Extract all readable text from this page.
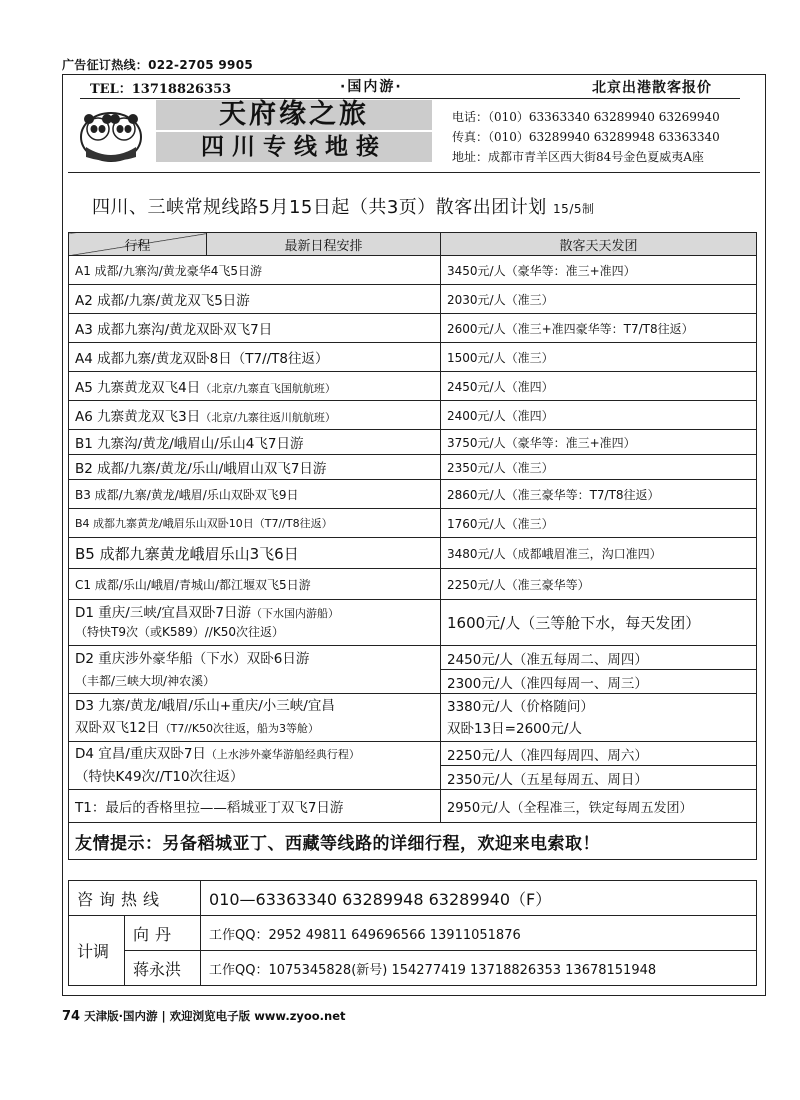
广告征订热线：022-2705 9905
TEL：13718826353	·国内游·	北京出港散客报价
天府缘之旅
四川专线地接
电话：（010）63363340 63289940 63269940
传真：（010）63289940 63289948 63363340
地址：成都市青羊区西大街84号金色夏威夷A座
四川、三峡常规线路5月15日起（共3页）散客出团计划 15/5制
行程	最新日程安排	散客天天发团
A1 成都/九寨沟/黄龙豪华4飞5日游		3450元/人（豪华等：准三+准四）
A2 成都/九寨/黄龙双飞5日游		2030元/人（准三）
A3 成都九寨沟/黄龙双卧双飞7日		2600元/人（准三+准四豪华等：T7/T8往返）
A4 成都九寨/黄龙双卧8日（T7//T8往返）		1500元/人（准三）
A5 九寨黄龙双飞4日（北京/九寨直飞国航航班）		2450元/人（准四）
A6 九寨黄龙双飞3日（北京/九寨往返川航航班）		2400元/人（准四）
B1 九寨沟/黄龙/峨眉山/乐山4飞7日游		3750元/人（豪华等：准三+准四）
B2 成都/九寨/黄龙/乐山/峨眉山双飞7日游		2350元/人（准三）
B3 成都/九寨/黄龙/峨眉/乐山双卧双飞9日		2860元/人（准三豪华等：T7/T8往返）
B4 成都九寨黄龙/峨眉乐山双卧10日（T7//T8往返）		1760元/人（准三）
B5 成都九寨黄龙峨眉乐山3飞6日		3480元/人（成都峨眉准三，沟口准四）
C1 成都/乐山/峨眉/青城山/都江堰双飞5日游		2250元/人（准三豪华等）
D1 重庆/三峡/宜昌双卧7日游（下水国内游船）
（特快T9次（或K589）//K50次往返）		1600元/人（三等舱下水，每天发团）
D2 重庆涉外豪华船（下水）双卧6日游
（丰都/三峡大坝/神农溪）		2450元/人（准五每周二、周四）
		2300元/人（准四每周一、周三）
D3 九寨/黄龙/峨眉/乐山+重庆/小三峡/宜昌
双卧双飞12日（T7//K50次往返，船为3等舱）		3380元/人（价格随问）
双卧13日=2600元/人

D4 宜昌/重庆双卧7日（上水涉外豪华游船经典行程）
（特快K49次//T10次往返）		2250元/人（准四每周四、周六）
		2350元/人（五星每周五、周日）
T1：最后的香格里拉——稻城亚丁双飞7日游		2950元/人（全程准三，铁定每周五发团）
友情提示：另备稻城亚丁、西藏等线路的详细行程，欢迎来电索取！		
咨询热线		010—63363340 63289948 63289940（F）
计调	向丹	工作QQ：2952 49811 649696566 13911051876
	蒋永洪	工作QQ：1075345828(新号) 154277419 13718826353 13678151948
74 天津版·国内游 | 欢迎浏览电子版 www.zyoo.net
